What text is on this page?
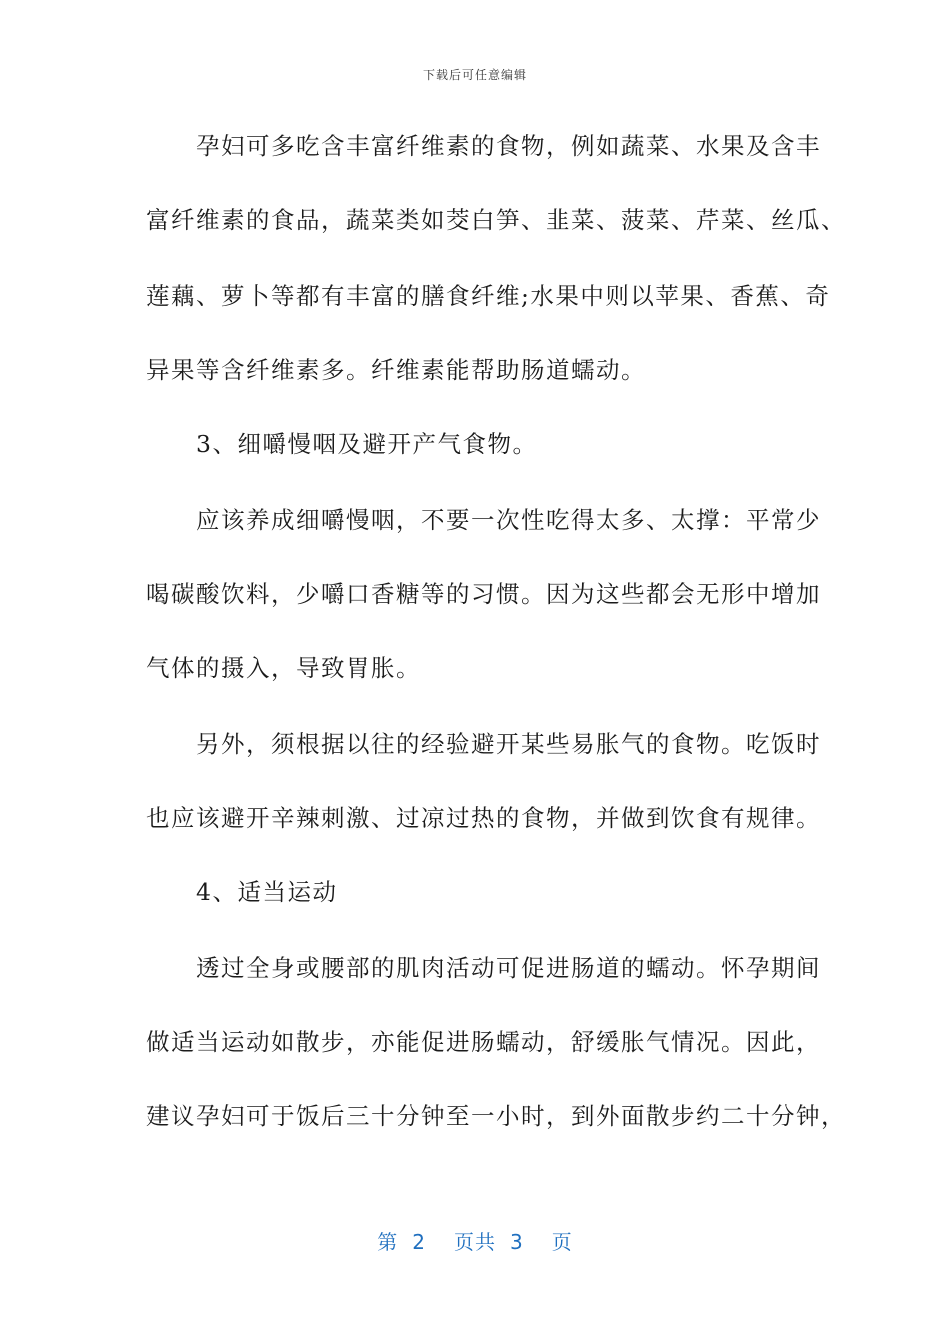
下载后可任意编辑
　　孕妇可多吃含丰富纤维素的食物，例如蔬菜、水果及含丰
富纤维素的食品，蔬菜类如茭白笋、韭菜、菠菜、芹菜、丝瓜、
莲藕、萝卜等都有丰富的膳食纤维;水果中则以苹果、香蕉、奇
异果等含纤维素多。纤维素能帮助肠道蠕动。
　　3、细嚼慢咽及避开产气食物。
　　应该养成细嚼慢咽，不要一次性吃得太多、太撑：平常少
喝碳酸饮料，少嚼口香糖等的习惯。因为这些都会无形中增加
气体的摄入，导致胃胀。
　　另外，须根据以往的经验避开某些易胀气的食物。吃饭时
也应该避开辛辣刺激、过凉过热的食物，并做到饮食有规律。
　　4、适当运动
　　透过全身或腰部的肌肉活动可促进肠道的蠕动。怀孕期间
做适当运动如散步，亦能促进肠蠕动，舒缓胀气情况。因此，
建议孕妇可于饭后三十分钟至一小时，到外面散步约二十分钟，
第 2 页共 3 页
